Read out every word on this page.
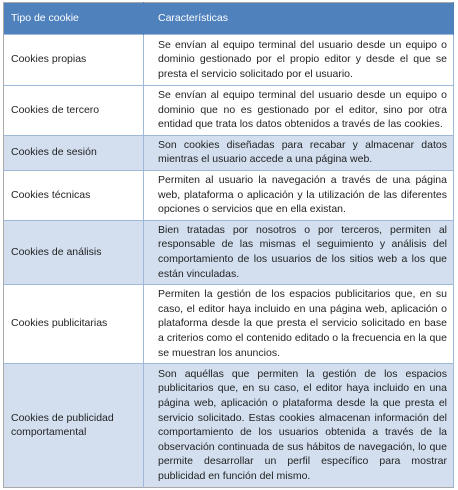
Tipo de cookie	Características
Cookies propias	Se envían al equipo terminal del usuario desde un equipo o dominio gestionado por el propio editor y desde el que se presta el servicio solicitado por el usuario.
Cookies de tercero	Se envían al equipo terminal del usuario desde un equipo o dominio que no es gestionado por el editor, sino por otra entidad que trata los datos obtenidos a través de las cookies.
Cookies de sesión	Son cookies diseñadas para recabar y almacenar datos mientras el usuario accede a una página web.
Cookies técnicas	Permiten al usuario la navegación a través de una página web, plataforma o aplicación y la utilización de las diferentes opciones o servicios que en ella existan.
Cookies de análisis	Bien tratadas por nosotros o por terceros, permiten al responsable de las mismas el seguimiento y análisis del comportamiento de los usuarios de los sitios web a los que están vinculadas.
Cookies publicitarias	Permiten la gestión de los espacios publicitarios que, en su caso, el editor haya incluido en una página web, aplicación o plataforma desde la que presta el servicio solicitado en base a criterios como el contenido editado o la frecuencia en la que se muestran los anuncios.
Cookies de publicidad comportamental	Son aquéllas que permiten la gestión de los espacios publicitarios que, en su caso, el editor haya incluido en una página web, aplicación o plataforma desde la que presta el servicio solicitado. Estas cookies almacenan información del comportamiento de los usuarios obtenida a través de la observación continuada de sus hábitos de navegación, lo que permite desarrollar un perfil específico para mostrar publicidad en función del mismo.
